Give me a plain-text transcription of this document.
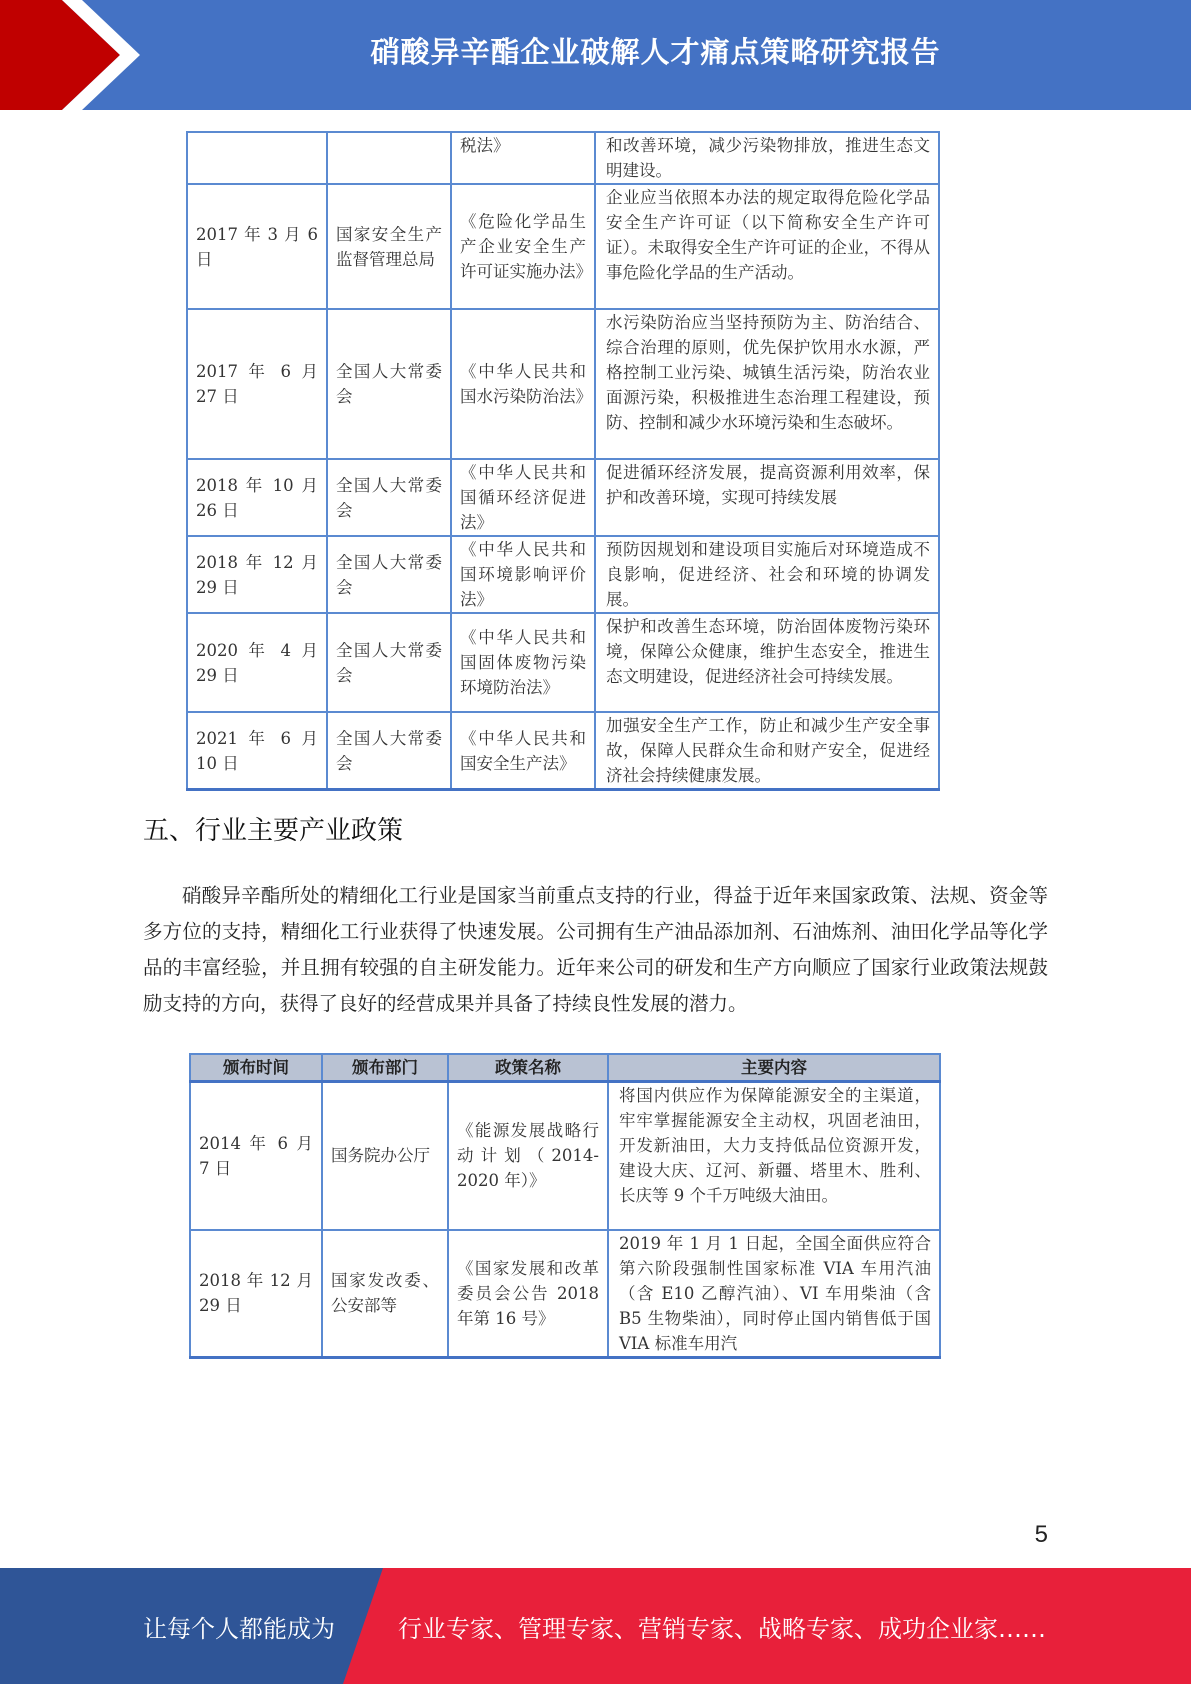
硝酸异辛酯企业破解人才痛点策略研究报告
		税法》	和改善环境，减少污染物排放，推进生态文明建设。
2017 年 3 月 6 日	国家安全生产监督管理总局	《危险化学品生产企业安全生产许可证实施办法》	企业应当依照本办法的规定取得危险化学品安全生产许可证（以下简称安全生产许可证）。未取得安全生产许可证的企业，不得从事危险化学品的生产活动。
2017 年 6 月 27 日	全国人大常委会	《中华人民共和国水污染防治法》	水污染防治应当坚持预防为主、防治结合、综合治理的原则，优先保护饮用水水源，严格控制工业污染、城镇生活污染，防治农业面源污染，积极推进生态治理工程建设，预防、控制和减少水环境污染和生态破坏。
2018 年 10 月 26 日	全国人大常委会	《中华人民共和国循环经济促进法》	促进循环经济发展，提高资源利用效率，保护和改善环境，实现可持续发展
2018 年 12 月 29 日	全国人大常委会	《中华人民共和国环境影响评价法》	预防因规划和建设项目实施后对环境造成不良影响，促进经济、社会和环境的协调发展。
2020 年 4 月 29 日	全国人大常委会	《中华人民共和国固体废物污染环境防治法》	保护和改善生态环境，防治固体废物污染环境，保障公众健康，维护生态安全，推进生态文明建设，促进经济社会可持续发展。
2021 年 6 月 10 日	全国人大常委会	《中华人民共和国安全生产法》	加强安全生产工作，防止和减少生产安全事故，保障人民群众生命和财产安全，促进经济社会持续健康发展。
五、行业主要产业政策

硝酸异辛酯所处的精细化工行业是国家当前重点支持的行业，得益于近年来国家政策、法规、资金等多方位的支持，精细化工行业获得了快速发展。公司拥有生产油品添加剂、石油炼剂、油田化学品等化学品的丰富经验，并且拥有较强的自主研发能力。近年来公司的研发和生产方向顺应了国家行业政策法规鼓励支持的方向，获得了良好的经营成果并具备了持续良性发展的潜力。

颁布时间	颁布部门	政策名称	主要内容
2014 年 6 月 7 日	国务院办公厅	《能源发展战略行动计划（2014-2020 年）》	将国内供应作为保障能源安全的主渠道，牢牢掌握能源安全主动权，巩固老油田，开发新油田，大力支持低品位资源开发，建设大庆、辽河、新疆、塔里木、胜利、长庆等 9 个千万吨级大油田。
2018 年 12 月 29 日	国家发改委、公安部等	《国家发展和改革委员会公告 2018 年第 16 号》	2019 年 1 月 1 日起，全国全面供应符合第六阶段强制性国家标准 VIA 车用汽油（含 E10 乙醇汽油）、VI 车用柴油（含 B5 生物柴油），同时停止国内销售低于国 VIA 标准车用汽
5
让每个人都能成为	行业专家、管理专家、营销专家、战略专家、成功企业家……
